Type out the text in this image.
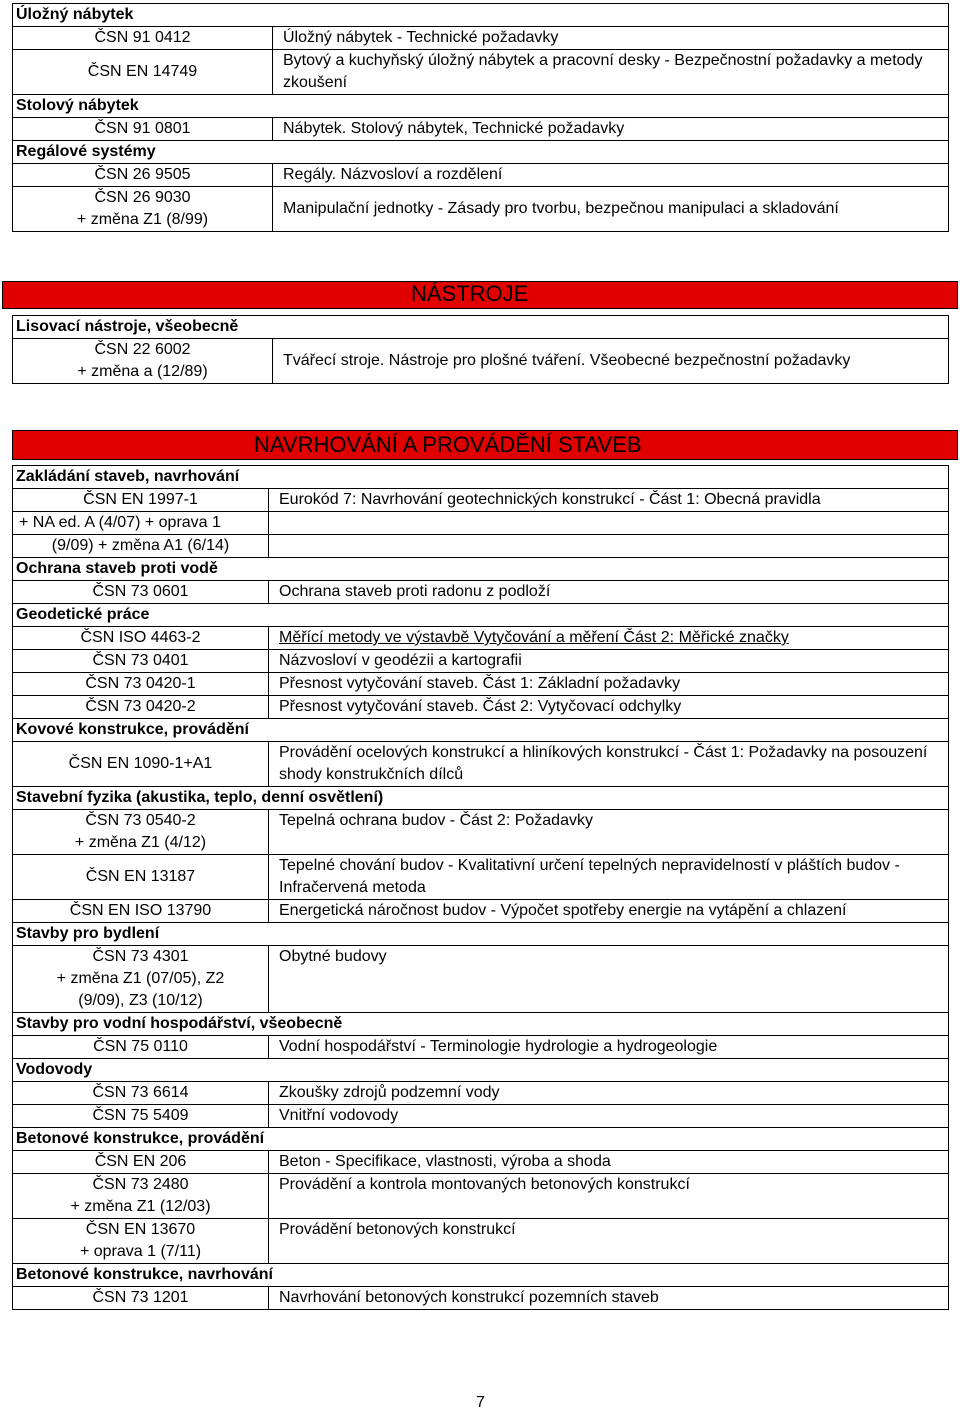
Úložný nábytek	
ČSN 91 0412	Úložný nábytek - Technické požadavky
ČSN EN 14749	Bytový a kuchyňský úložný nábytek a pracovní desky - Bezpečnostní požadavky a metody zkoušení
Stolový nábytek	
ČSN 91 0801	Nábytek. Stolový nábytek, Technické požadavky
Regálové systémy	
ČSN 26 9505	Regály. Názvosloví a rozdělení
ČSN 26 9030
+ změna Z1 (8/99)	Manipulační jednotky - Zásady pro tvorbu, bezpečnou manipulaci a skladování
NÁSTROJE
Lisovací nástroje, všeobecně
ČSN 22 6002
+ změna a (12/89)	Tvářecí stroje. Nástroje pro plošné tváření. Všeobecné bezpečnostní požadavky
NAVRHOVÁNÍ A PROVÁDĚNÍ STAVEB
Zakládání staveb, navrhování	
ČSN EN 1997-1	Eurokód 7: Navrhování geotechnických konstrukcí - Část 1: Obecná pravidla
+ NA ed. A (4/07) + oprava 1	
(9/09) + změna A1 (6/14)	
Ochrana staveb proti vodě	
ČSN 73 0601	Ochrana staveb proti radonu z podloží
Geodetické práce	
ČSN ISO 4463-2	Měřící metody ve výstavbě Vytyčování a měření Část 2: Měřické značky
ČSN 73 0401	Názvosloví v geodézii a kartografii
ČSN 73 0420-1	Přesnost vytyčování staveb. Část 1: Základní požadavky
ČSN 73 0420-2	Přesnost vytyčování staveb. Část 2: Vytyčovací odchylky
Kovové konstrukce, provádění	
ČSN EN 1090-1+A1	Provádění ocelových konstrukcí a hliníkových konstrukcí - Část 1: Požadavky na posouzení shody konstrukčních dílců
Stavební fyzika (akustika, teplo, denní osvětlení)	
ČSN 73 0540-2
+ změna Z1 (4/12)	Tepelná ochrana budov - Část 2: Požadavky
ČSN EN 13187	Tepelné chování budov - Kvalitativní určení tepelných nepravidelností v pláštích budov - Infračervená metoda
ČSN EN ISO 13790	Energetická náročnost budov - Výpočet spotřeby energie na vytápění a chlazení
Stavby pro bydlení	
ČSN 73 4301
+ změna Z1 (07/05), Z2
(9/09), Z3 (10/12)	Obytné budovy
Stavby pro vodní hospodářství, všeobecně	
ČSN 75 0110	Vodní hospodářství - Terminologie hydrologie a hydrogeologie
Vodovody	
ČSN 73 6614	Zkoušky zdrojů podzemní vody
ČSN 75 5409	Vnitřní vodovody
Betonové konstrukce, provádění	
ČSN EN 206	Beton - Specifikace, vlastnosti, výroba a shoda
ČSN 73 2480
+ změna Z1 (12/03)	Provádění a kontrola montovaných betonových konstrukcí
ČSN EN 13670
+ oprava 1 (7/11)	Provádění betonových konstrukcí
Betonové konstrukce, navrhování	
ČSN 73 1201	Navrhování betonových konstrukcí pozemních staveb
7
